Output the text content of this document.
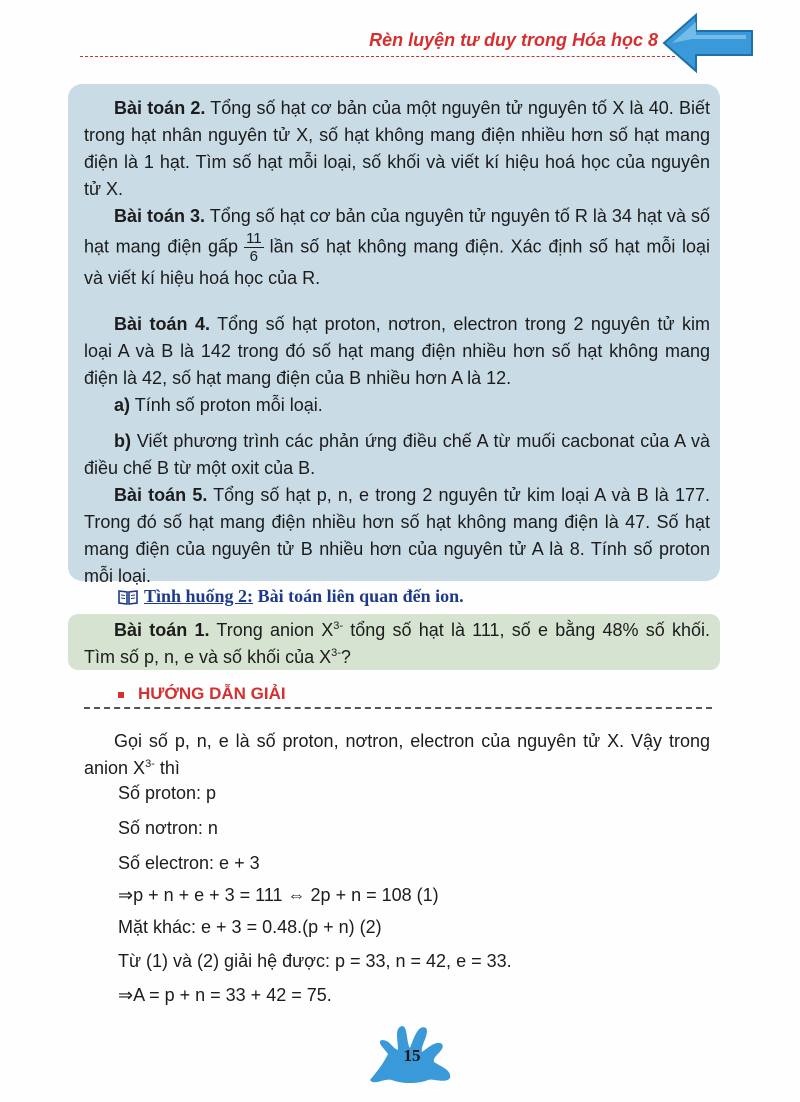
Rèn luyện tư duy trong Hóa học 8
Bài toán 2. Tổng số hạt cơ bản của một nguyên tử nguyên tố X là 40. Biết trong hạt nhân nguyên tử X, số hạt không mang điện nhiều hơn số hạt mang điện là 1 hạt. Tìm số hạt mỗi loại, số khối và viết kí hiệu hoá học của nguyên tử X.
Bài toán 3. Tổng số hạt cơ bản của nguyên tử nguyên tố R là 34 hạt và số hạt mang điện gấp $\frac{11}{6}$ lần số hạt không mang điện. Xác định số hạt mỗi loại và viết kí hiệu hoá học của R.
Bài toán 4. Tổng số hạt proton, nơtron, electron trong 2 nguyên tử kim loại A và B là 142 trong đó số hạt mang điện nhiều hơn số hạt không mang điện là 42, số hạt mang điện của B nhiều hơn A là 12.
a) Tính số proton mỗi loại.
b) Viết phương trình các phản ứng điều chế A từ muối cacbonat của A và điều chế B từ một oxit của B.
Bài toán 5. Tổng số hạt p, n, e trong 2 nguyên tử kim loại A và B là 177. Trong đó số hạt mang điện nhiều hơn số hạt không mang điện là 47. Số hạt mang điện của nguyên tử B nhiều hơn của nguyên tử A là 8. Tính số proton mỗi loại.
Tình huống 2: Bài toán liên quan đến ion.
Bài toán 1. Trong anion $X^{3-}$ tổng số hạt là 111, số e bằng 48% số khối. Tìm số p, n, e và số khối của $X^{3-}$?
HƯỚNG DẪN GIẢI
Gọi số p, n, e là số proton, nơtron, electron của nguyên tử X. Vậy trong anion $X^{3-}$ thì
Số proton: p
Số nơtron: n
Số electron: e + 3
⇒p + n + e + 3 = 111 ⇔ 2p + n = 108 (1)
Mặt khác: e + 3 = 0.48.(p + n) (2)
Từ (1) và (2) giải hệ được: p = 33, n = 42, e = 33.
⇒A = p + n = 33 + 42 = 75.
15
